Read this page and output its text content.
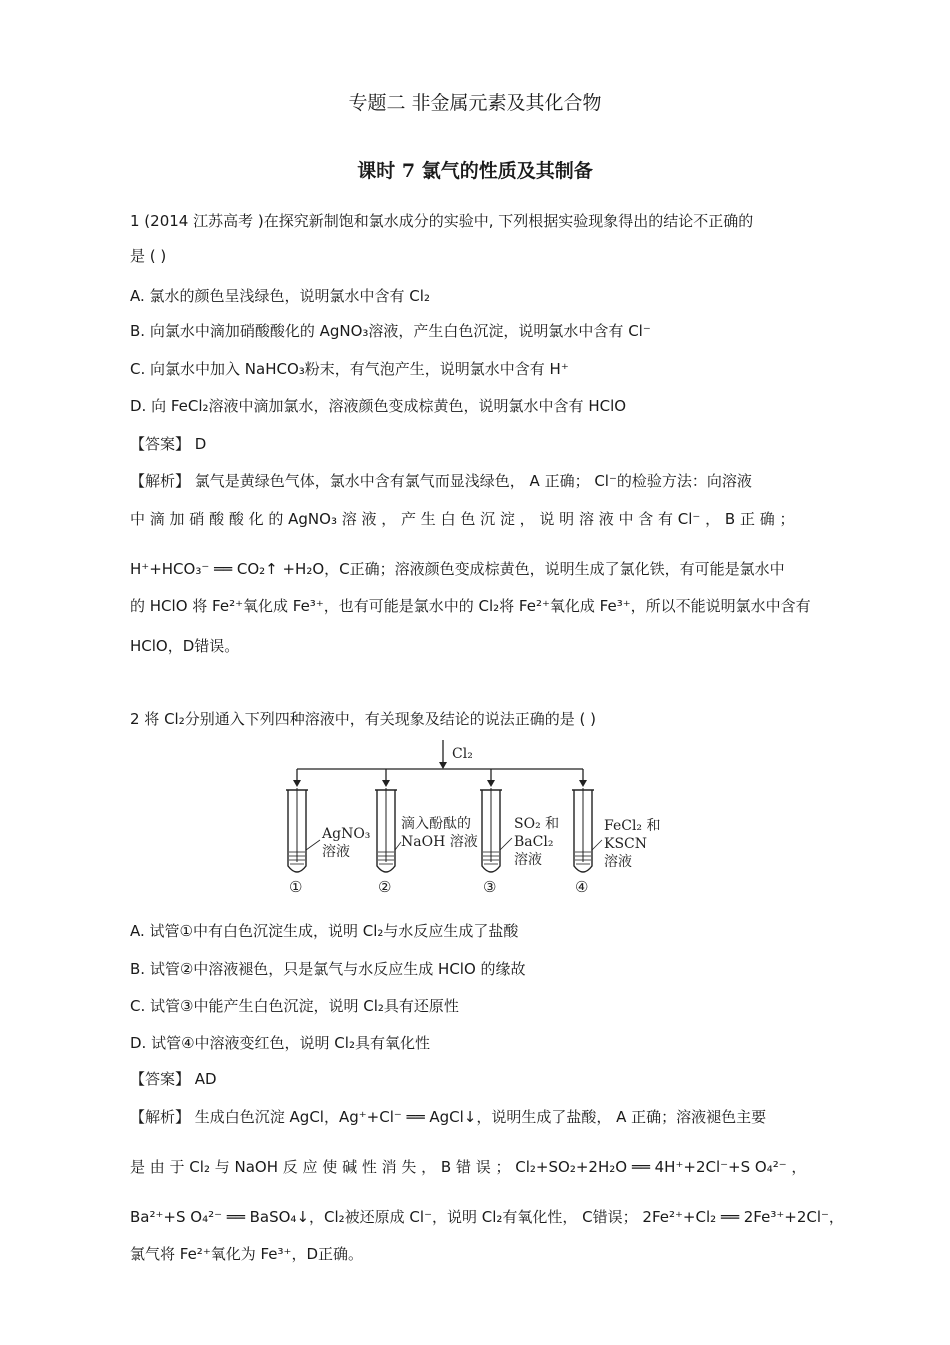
专题二 非金属元素及其化合物
课时 7 氯气的性质及其制备
1 (2014 江苏高考 )在探究新制饱和氯水成分的实验中, 下列根据实验现象得出的结论不正确的
是 ( )
A. 氯水的颜色呈浅绿色，说明氯水中含有 Cl₂
B. 向氯水中滴加硝酸酸化的 AgNO₃溶液，产生白色沉淀，说明氯水中含有 Cl⁻
C. 向氯水中加入 NaHCO₃粉末，有气泡产生，说明氯水中含有 H⁺
D. 向 FeCl₂溶液中滴加氯水，溶液颜色变成棕黄色，说明氯水中含有 HClO
【答案】 D
【解析】 氯气是黄绿色气体，氯水中含有氯气而显浅绿色， A 正确； Cl⁻的检验方法：向溶液
中 滴 加 硝 酸 酸 化 的 AgNO₃ 溶 液 ， 产 生 白 色 沉 淀 ， 说 明 溶 液 中 含 有 Cl⁻ ， B 正 确 ；
H⁺+HCO₃⁻ ══ CO₂↑ +H₂O，C正确；溶液颜色变成棕黄色，说明生成了氯化铁，有可能是氯水中
的 HClO 将 Fe²⁺氧化成 Fe³⁺，也有可能是氯水中的 Cl₂将 Fe²⁺氧化成 Fe³⁺，所以不能说明氯水中含有
HClO，D错误。
2 将 Cl₂分别通入下列四种溶液中，有关现象及结论的说法正确的是 ( )
Cl₂
AgNO₃
溶液
①
滴入酚酞的
NaOH 溶液
②
SO₂ 和
BaCl₂
溶液
③
FeCl₂ 和
KSCN
溶液
④
A. 试管①中有白色沉淀生成，说明 Cl₂与水反应生成了盐酸
B. 试管②中溶液褪色，只是氯气与水反应生成 HClO 的缘故
C. 试管③中能产生白色沉淀，说明 Cl₂具有还原性
D. 试管④中溶液变红色，说明 Cl₂具有氧化性
【答案】 AD
【解析】 生成白色沉淀 AgCl，Ag⁺+Cl⁻ ══ AgCl↓，说明生成了盐酸， A 正确；溶液褪色主要
是 由 于 Cl₂ 与 NaOH 反 应 使 碱 性 消 失 ， B 错 误 ； Cl₂+SO₂+2H₂O ══ 4H⁺+2Cl⁻+S O₄²⁻ ，
Ba²⁺+S O₄²⁻ ══ BaSO₄↓，Cl₂被还原成 Cl⁻，说明 Cl₂有氧化性， C错误； 2Fe²⁺+Cl₂ ══ 2Fe³⁺+2Cl⁻，
氯气将 Fe²⁺氧化为 Fe³⁺，D正确。
